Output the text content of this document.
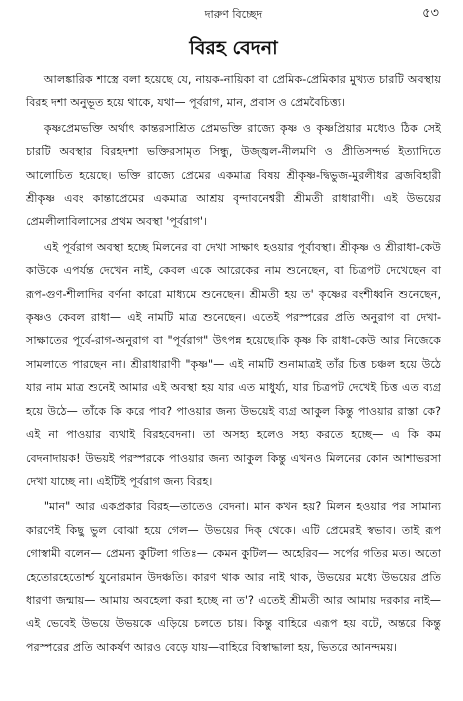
দারুণ বিচ্ছেদ	৫৩
বিরহ বেদনা

আলঙ্কারিক শাস্ত্রে বলা হয়েছে যে, নায়ক-নায়িকা বা প্রেমিক-প্রেমিকার মুখ্যত চারটি অবস্থায় বিরহ দশা অনুভূত হয়ে থাকে, যথা— পূর্বরাগ, মান, প্রবাস ও প্রেমবৈচিত্ত্য।

কৃষ্ণপ্রেমভক্তি অর্থাৎ কান্তরসাশ্রিত প্রেমভক্তি রাজ্যে কৃষ্ণ ও কৃষ্ণপ্রিয়ার মধ্যেও ঠিক সেই চারটি অবস্থার বিরহদশা ভক্তিরসামৃত সিন্ধু, উজ্জ্বল-নীলমণি ও প্রীতিসন্দর্ভ ইত্যাদিতে আলোচিত হয়েছে। ভক্তি রাজ্যে প্রেমের একমাত্র বিষয় শ্রীকৃষ্ণ-দ্বিভুজ-মুরলীধর ব্রজবিহারী শ্রীকৃষ্ণ এবং কান্তাপ্রেমের একমাত্র আশ্রয় বৃন্দাবনেশ্বরী শ্রীমতী রাধারাণী। এই উভয়ের প্রেমলীলাবিলাসের প্রথম অবস্থা 'পূর্বরাগ'।

এই পূর্বরাগ অবস্থা হচ্ছে মিলনের বা দেখা সাক্ষাৎ হওয়ার পূর্বাবস্থা। শ্রীকৃষ্ণ ও শ্রীরাধা-কেউ কাউকে এপর্যন্ত দেখেন নাই, কেবল একে আরেকের নাম শুনেছেন, বা চিত্রপট দেখেছেন বা রূপ-গুণ-শীলাদির বর্ণনা কারো মাধ্যমে শুনেছেন। শ্রীমতী হয় ত' কৃষ্ণের বংশীধ্বনি শুনেছেন, কৃষ্ণও কেবল রাধা— এই নামটি মাত্র শুনেছেন। এতেই পরস্পরের প্রতি অনুরাগ বা দেখা-সাক্ষাতের পূর্বে-রাগ-অনুরাগ বা "পূর্বরাগ" উৎপন্ন হয়েছে।কি কৃষ্ণ কি রাধা-কেউ আর নিজেকে সামলাতে পারছেন না। শ্রীরাধারাণী "কৃষ্ণ"— এই নামটি শুনামাত্রই তাঁর চিত্ত চঞ্চল হয়ে উঠে যার নাম মাত্র শুনেই আমার এই অবস্থা হয় যার এত মাধুর্য্য, যার চিত্রপট দেখেই চিত্ত এত ব্যগ্র হয়ে উঠে— তাঁকে কি করে পাব? পাওয়ার জন্য উভয়েই ব্যগ্র আকুল কিন্তু পাওয়ার রাস্তা কে? এই না পাওয়ার ব্যথাই বিরহবেদনা। তা অসহ্য হলেও সহ্য করতে হচ্ছে— এ কি কম বেদনাদায়ক! উভয়ই পরস্পরকে পাওয়ার জন্য আকুল কিন্তু এখনও মিলনের কোন আশাভরসা দেখা যাচ্ছে না। এইটিই পূর্বরাগ জন্য বিরহ।

"মান" আর একপ্রকার বিরহ—তাতেও বেদনা। মান কখন হয়? মিলন হওয়ার পর সামান্য কারণেই কিছু ভুল বোঝা হয়ে গেল— উভয়ের দিক্ থেকে। এটি প্রেমেরই স্বভাব। তাই রূপ গোস্বামী বলেন— প্রেমন্য কুটিলা গতিঃ— কেমন কুটিল— অহেরিব— সর্পের গতির মত। অতো হেতোরহেতোর্শ্চ যুনোরমান উদঞ্চতি। কারণ থাক আর নাই থাক, উভয়ের মধ্যে উভয়ের প্রতি ধারণা জন্মায়— আমায় অবহেলা করা হচ্ছে না ত'? এতেই শ্রীমতী আর আমায় দরকার নাই—এই ভেবেই উভয়ে উভয়কে এড়িয়ে চলতে চায়। কিন্তু বাহিরে এরূপ হয় বটে, অন্তরে কিন্তু পরস্পরের প্রতি আকর্ষণ আরও বেড়ে যায়—বাহিরে বিস্বাদ্ধালা হয়, ভিতরে আনন্দময়।
